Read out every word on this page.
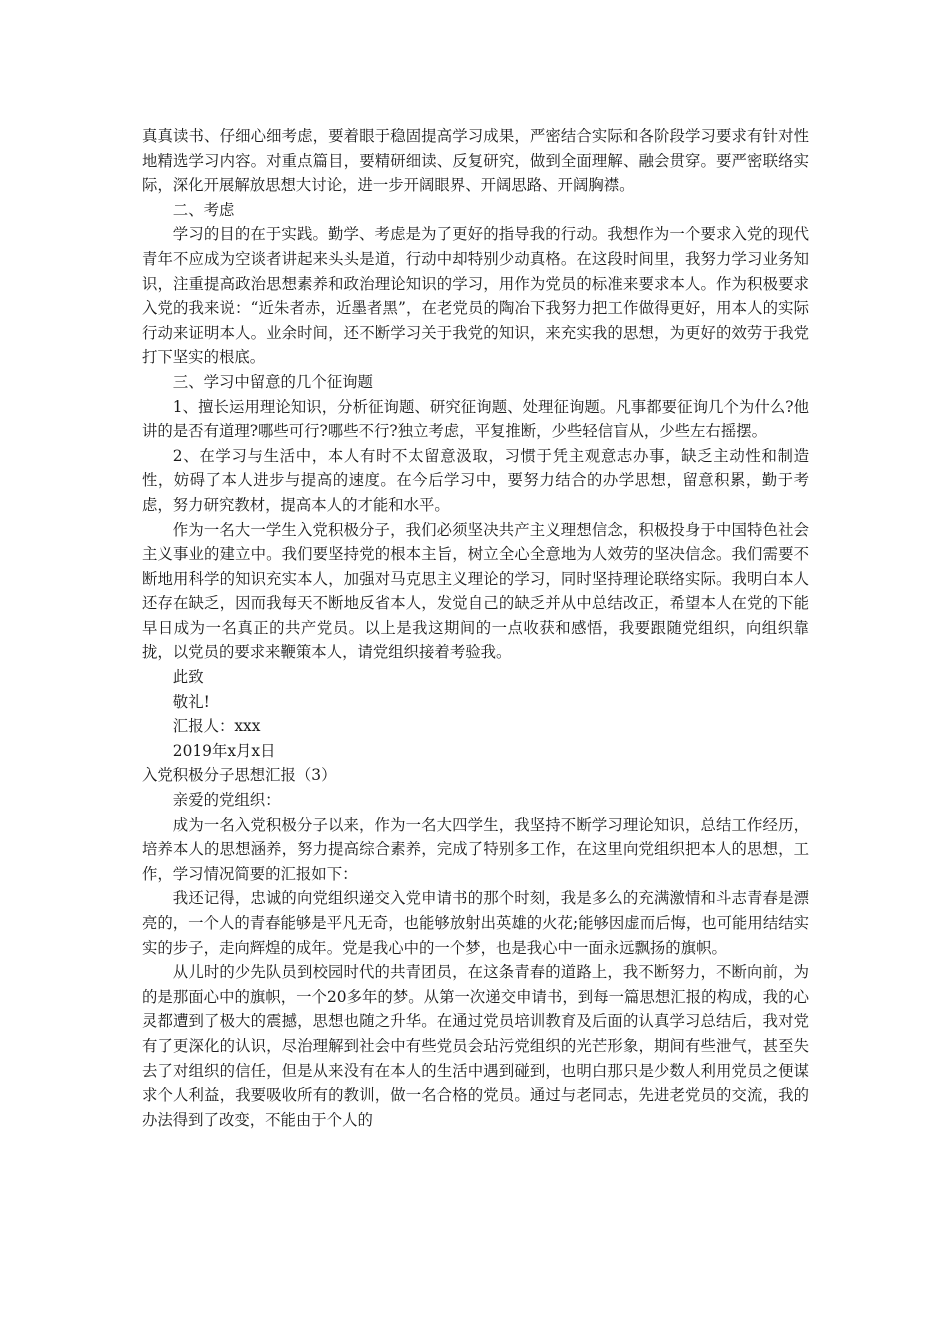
真真读书、仔细心细考虑，要着眼于稳固提高学习成果，严密结合实际和各阶段学习要求有针对性地精选学习内容。对重点篇目，要精研细读、反复研究，做到全面理解、融会贯穿。要严密联络实际，深化开展解放思想大讨论，进一步开阔眼界、开阔思路、开阔胸襟。

二、考虑

学习的目的在于实践。勤学、考虑是为了更好的指导我的行动。我想作为一个要求入党的现代青年不应成为空谈者讲起来头头是道，行动中却特别少动真格。在这段时间里，我努力学习业务知识，注重提高政治思想素养和政治理论知识的学习，用作为党员的标准来要求本人。作为积极要求入党的我来说：“近朱者赤，近墨者黑”，在老党员的陶冶下我努力把工作做得更好，用本人的实际行动来证明本人。业余时间，还不断学习关于我党的知识，来充实我的思想，为更好的效劳于我党打下坚实的根底。

三、学习中留意的几个征询题

1、擅长运用理论知识，分析征询题、研究征询题、处理征询题。凡事都要征询几个为什么?他讲的是否有道理?哪些可行?哪些不行?独立考虑，平复推断，少些轻信盲从，少些左右摇摆。

2、在学习与生活中，本人有时不太留意汲取，习惯于凭主观意志办事，缺乏主动性和制造性，妨碍了本人进步与提高的速度。在今后学习中，要努力结合的办学思想，留意积累，勤于考虑，努力研究教材，提高本人的才能和水平。

作为一名大一学生入党积极分子，我们必须坚决共产主义理想信念，积极投身于中国特色社会主义事业的建立中。我们要坚持党的根本主旨，树立全心全意地为人效劳的坚决信念。我们需要不断地用科学的知识充实本人，加强对马克思主义理论的学习，同时坚持理论联络实际。我明白本人还存在缺乏，因而我每天不断地反省本人，发觉自己的缺乏并从中总结改正，希望本人在党的下能早日成为一名真正的共产党员。以上是我这期间的一点收获和感悟，我要跟随党组织，向组织靠拢，以党员的要求来鞭策本人，请党组织接着考验我。

此致

敬礼!

汇报人：xxx

2019年x月x日

入党积极分子思想汇报（3）

亲爱的党组织：

成为一名入党积极分子以来，作为一名大四学生，我坚持不断学习理论知识，总结工作经历，培养本人的思想涵养，努力提高综合素养，完成了特别多工作，在这里向党组织把本人的思想，工作，学习情况简要的汇报如下：

我还记得，忠诚的向党组织递交入党申请书的那个时刻，我是多么的充满激情和斗志青春是漂亮的，一个人的青春能够是平凡无奇，也能够放射出英雄的火花;能够因虚而后悔，也可能用结结实实的步子，走向辉煌的成年。党是我心中的一个梦，也是我心中一面永远飘扬的旗帜。

从儿时的少先队员到校园时代的共青团员，在这条青春的道路上，我不断努力，不断向前，为的是那面心中的旗帜，一个20多年的梦。从第一次递交申请书，到每一篇思想汇报的构成，我的心灵都遭到了极大的震撼，思想也随之升华。在通过党员培训教育及后面的认真学习总结后，我对党有了更深化的认识，尽治理解到社会中有些党员会玷污党组织的光芒形象，期间有些泄气，甚至失去了对组织的信任，但是从来没有在本人的生活中遇到碰到，也明白那只是少数人利用党员之便谋求个人利益，我要吸收所有的教训，做一名合格的党员。通过与老同志，先进老党员的交流，我的办法得到了改变，不能由于个人的
